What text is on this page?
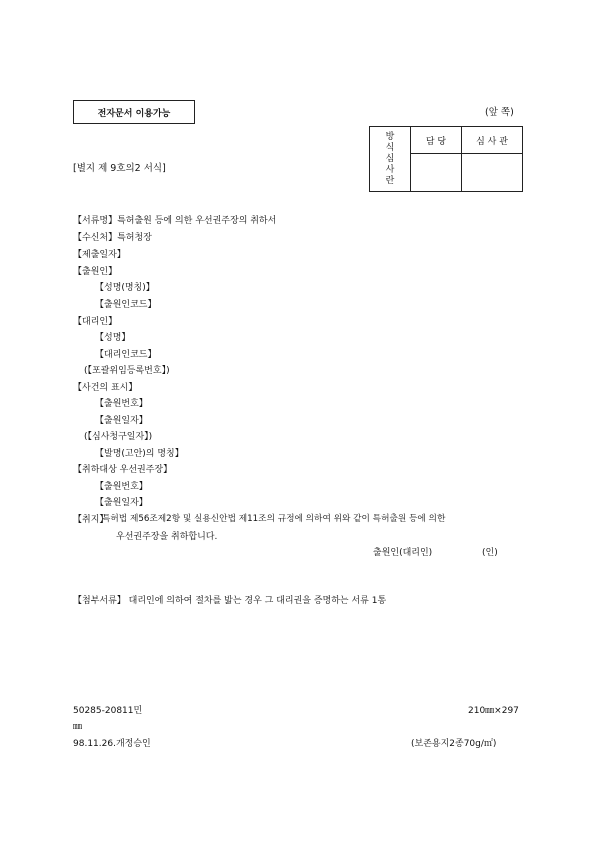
전자문서 이용가능	(앞 쪽)
[별지 제 9호의2 서식]
방
식
심
사
란	담 당	심 사 관

【서류명】특허출원 등에 의한 우선권주장의 취하서
【수신처】특허청장
【제출일자】
【출원인】
【성명(명칭)】
【출원인코드】
【대리인】
【성명】
【대리인코드】
(【포괄위임등록번호】)
【사건의 표시】
【출원번호】
【출원일자】
(【심사청구일자】)
【발명(고안)의 명칭】
【취하대상 우선권주장】
【출원번호】
【출원일자】
【취지】
특허법 제56조제2항 및 실용신안법 제11조의 규정에 의하여 위와 같이 특허출원 등에 의한
우선권주장을 취하합니다.
출원인(대리인)	(인)
【첨부서류】 대리인에 의하여 절차를 밟는 경우 그 대리권을 증명하는 서류 1통
50285-20811민	210㎜×297
㎜
98.11.26.개정승인	(보존용지2종70g/㎡)
